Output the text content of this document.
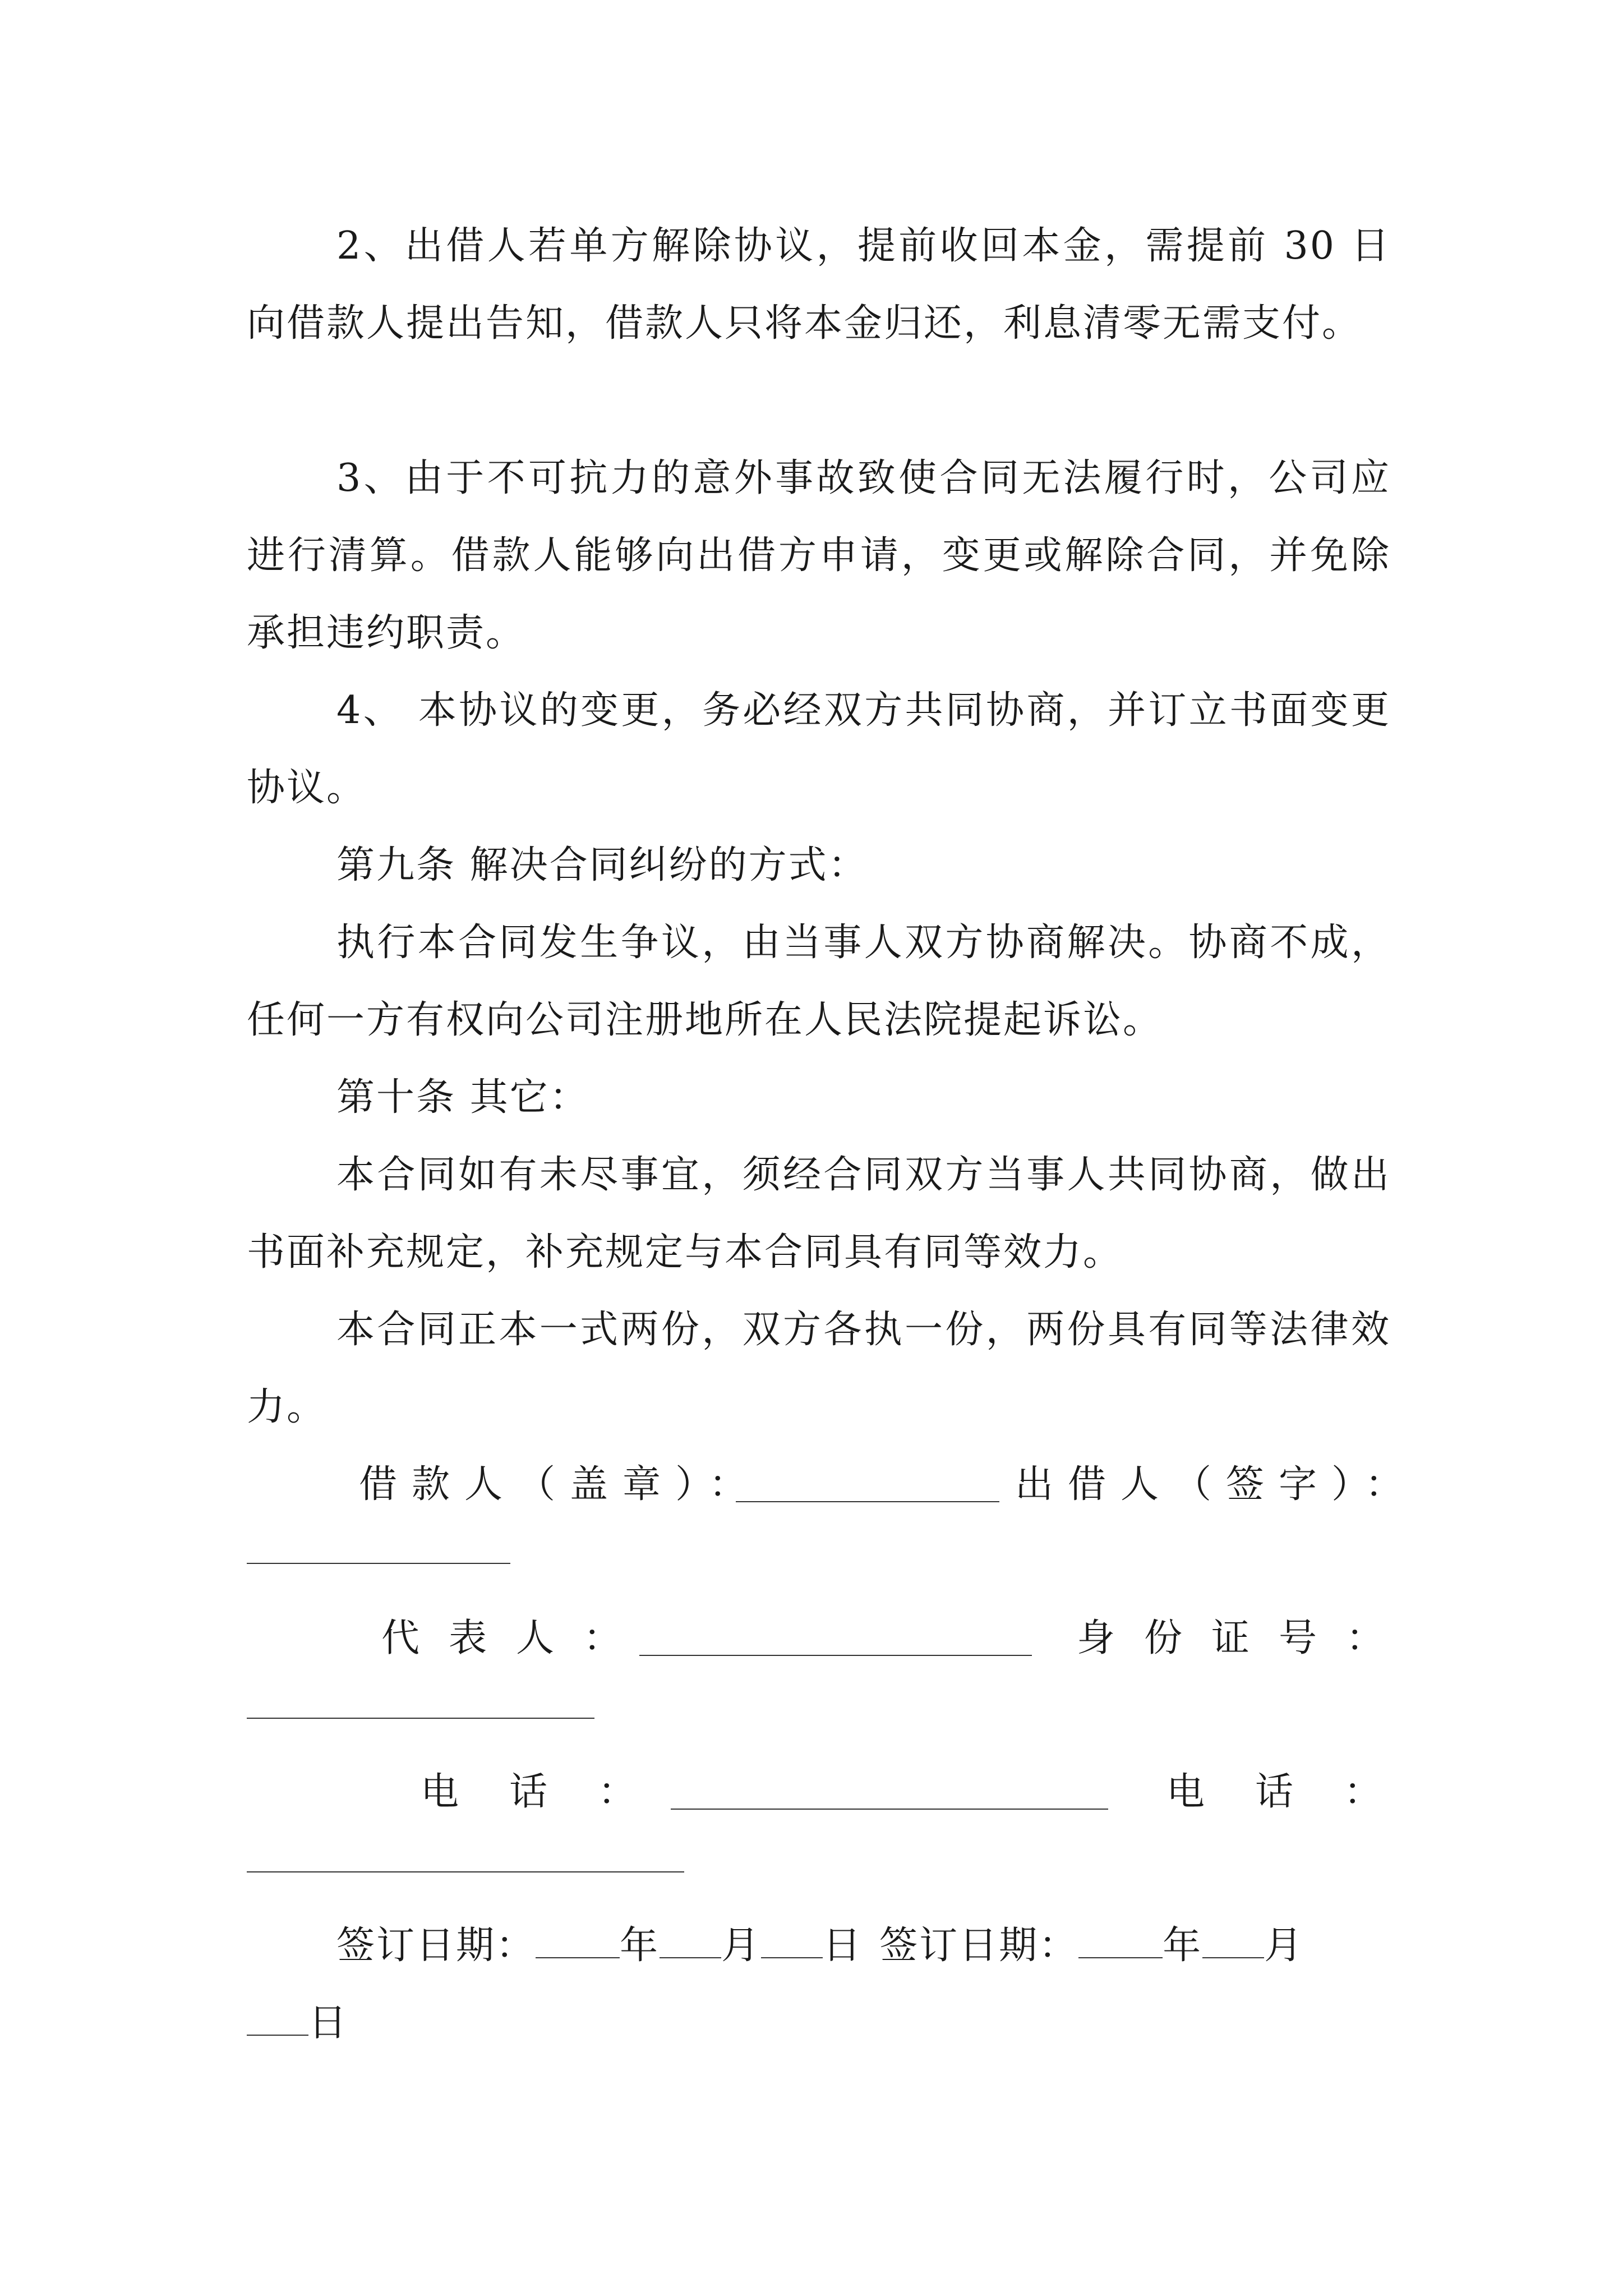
2、出借人若单方解除协议，提前收回本金，需提前 30 日向借款人提出告知，借款人只将本金归还，利息清零无需支付。

3、由于不可抗力的意外事故致使合同无法履行时，公司应进行清算。借款人能够向出借方申请，变更或解除合同，并免除承担违约职责。

4、 本协议的变更，务必经双方共同协商，并订立书面变更协议。

第九条 解决合同纠纷的方式：

执行本合同发生争议，由当事人双方协商解决。协商不成，任何一方有权向公司注册地所在人民法院提起诉讼。

第十条 其它：

本合同如有未尽事宜，须经合同双方当事人共同协商，做出书面补充规定，补充规定与本合同具有同等效力。

本合同正本一式两份，双方各执一份，两份具有同等法律效力。

借款人（盖章）：	出借人（签字）：
代表人：	身份证号：
电话：	电话：
签订日期： 年 月 日 签订日期： 年 月
日
